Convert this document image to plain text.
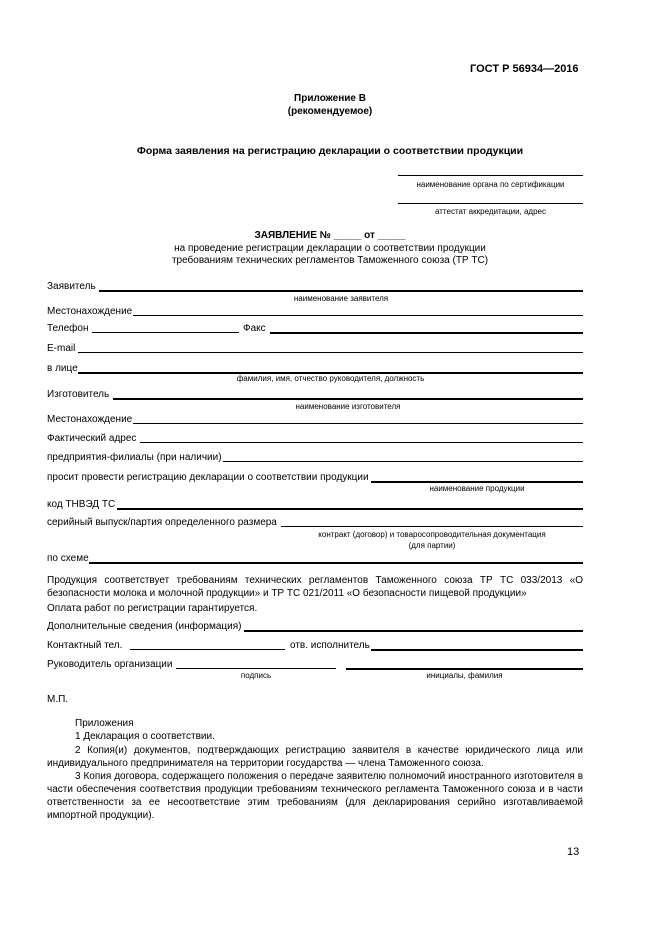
ГОСТ Р 56934—2016
Приложение В
(рекомендуемое)
Форма заявления на регистрацию декларации о соответствии продукции
наименование органа по сертификации
аттестат аккредитации, адрес
ЗАЯВЛЕНИЕ № _____ от _____
на проведение регистрации декларации о соответствии продукции
требованиям технических регламентов Таможенного союза (ТР ТС)
Заявитель
наименование заявителя
Местонахождение
Телефон	Факс
E-mail
в лице
фамилия, имя, отчество руководителя, должность
Изготовитель
наименование изготовителя
Местонахождение
Фактический адрес
предприятия-филиалы (при наличии)
просит провести регистрацию декларации о соответствии продукции
наименование продукции
код ТНВЭД ТС
серийный выпуск/партия определенного размера
контракт (договор) и товаросопроводительная документация
(для партии)
по схеме
Продукция соответствует требованиям технических регламентов Таможенного союза ТР ТС 033/2013 «О безопасности молока и молочной продукции» и ТР ТС 021/2011 «О безопасности пищевой продукции»
Оплата работ по регистрации гарантируется.
Дополнительные сведения (информация)
Контактный тел.	отв. исполнитель
Руководитель организации
подпись	инициалы, фамилия
М.П.
Приложения
1 Декларация о соответствии.
2 Копия(и) документов, подтверждающих регистрацию заявителя в качестве юридического лица или индивидуального предпринимателя на территории государства — члена Таможенного союза.
3 Копия договора, содержащего положения о передаче заявителю полномочий иностранного изготовителя в части обеспечения соответствия продукции требованиям технического регламента Таможенного союза и в части ответственности за ее несоответствие этим требованиям (для декларирования серийно изготавливаемой импортной продукции).
13
